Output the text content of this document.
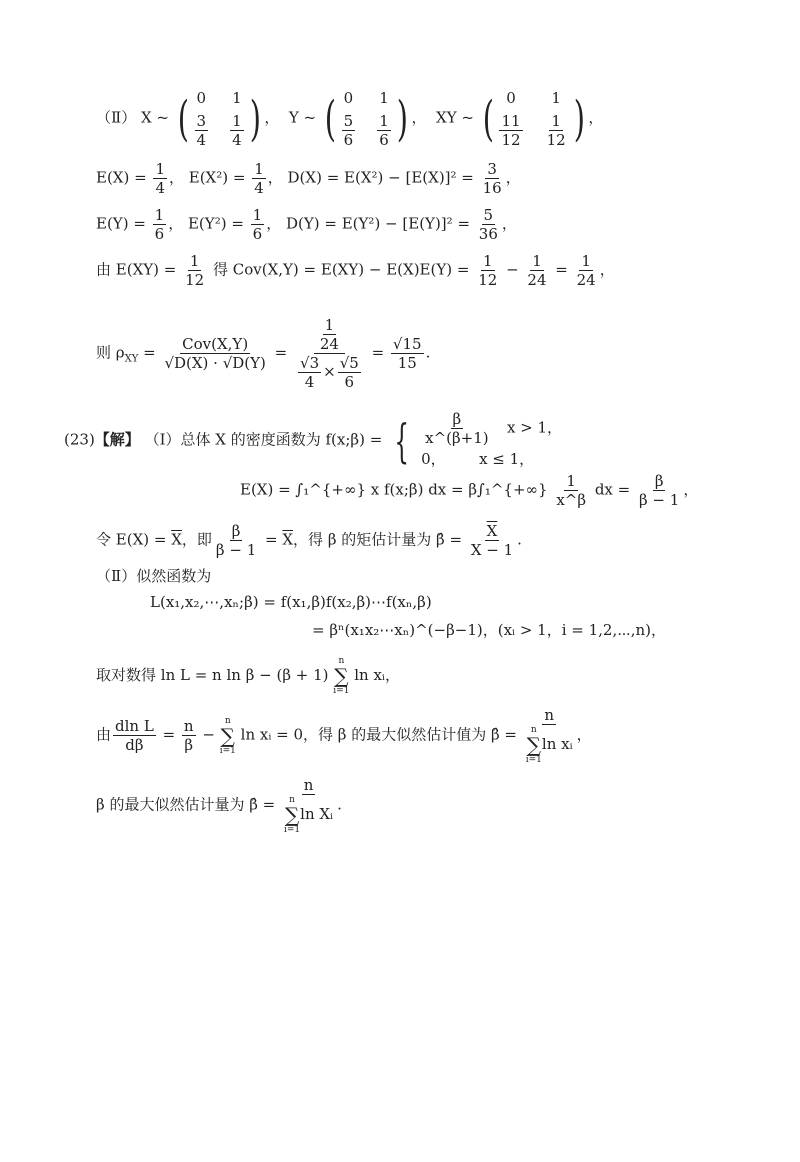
（Ⅱ） X ~ ( 0 1
$\frac{3}{4} \frac{1}{4}$ ) ，  Y ~ ( 0 1
$\frac{5}{6} \frac{1}{6}$ ) ，  XY ~ ( 0	1
$\frac{11}{12} \frac{1}{12}$ ) ，
$E(X) = \frac{1}{4}$ ， $E(X^2) = \frac{1}{4}$ ， $D(X) = E(X^2) - [E(X)]^2 = \frac{3}{16}$ ，
$E(Y) = \frac{1}{6}$ ， $E(Y^2) = \frac{1}{6}$ ， $D(Y) = E(Y^2) - [E(Y)]^2 = \frac{5}{36}$ ，
由 $E(XY) = \frac{1}{12}$ 得 $Cov(X,Y) = E(XY) - E(X)E(Y) = \frac{1}{12} - \frac{1}{24} = \frac{1}{24}$ ，
则 $\rho_{XY} = \frac{\text{Cov(X,Y)}}{√D(X) \cdot √D(Y)} = \frac{\frac{1}{24}}{\frac{√3}{4} \times \frac{√5}{6}} = \frac{√15}{15}$ .
(23)【解】 （Ⅰ）总体 X 的密度函数为 f(x;β) = { $\frac{\beta}{x\^{}(\beta+1)}$ x > 1，
0， x ≤ 1，
E(X) = ∫₁^{+∞} x f(x;β) dx = β∫₁^{+∞} $\frac{1}{x\^{}\beta}$ dx = $\frac{\beta}{\beta - 1}$ ，
令 $E(X) = \overline{X}$，即 $\frac{\beta}{\beta - 1} = \overline{X}$，得 β 的矩估计量为 β̂ = $\frac{\overline{X}}{X - 1}$ .
（Ⅱ）似然函数为
L(x₁,x₂,⋯,xₙ;β) = f(x₁,β)f(x₂,β)⋯f(xₙ,β)
= βⁿ(x₁x₂⋯xₙ)^(−β−1)，(xᵢ > 1，i = 1,2,⋯,n)，
取对数得 ln L = n ln β − (β + 1)
n
∑
i=1
ln xᵢ，
由 $\frac{\text{dln L}}{d\beta} = \frac{n}{\beta}$ −
n
∑
i=1
ln xᵢ = 0，得 β 的最大似然估计值为 β̂ = n
n
∑
i=1
ln xᵢ ，
β 的最大似然估计量为 β̂ = n
n
∑
i=1
ln Xᵢ .
